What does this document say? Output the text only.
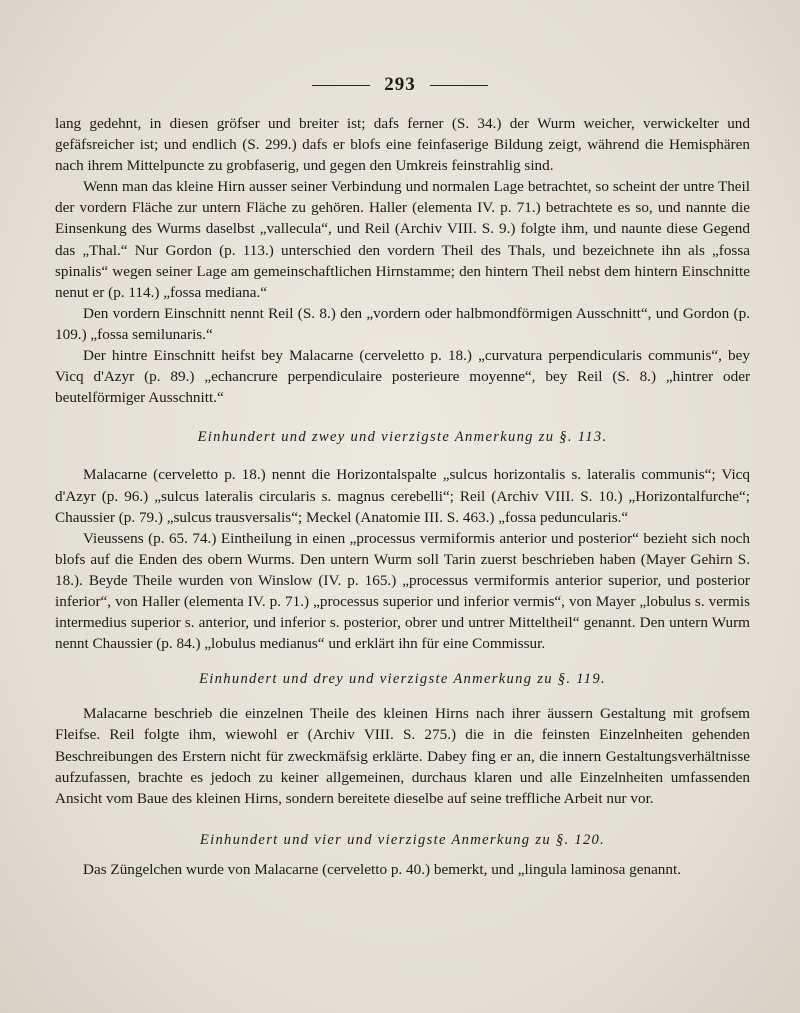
293

lang gedehnt, in diesen gröfser und breiter ist; dafs ferner (S. 34.) der Wurm weicher, verwickelter und gefäfsreicher ist; und endlich (S. 299.) dafs er blofs eine feinfaserige Bildung zeigt, während die Hemisphären nach ihrem Mittelpuncte zu grobfaserig, und gegen den Umkreis feinstrahlig sind.

Wenn man das kleine Hirn ausser seiner Verbindung und normalen Lage betrachtet, so scheint der untre Theil der vordern Fläche zur untern Fläche zu gehören. Haller (elementa IV. p. 71.) betrachtete es so, und nannte die Einsenkung des Wurms daselbst „vallecula“, und Reil (Archiv VIII. S. 9.) folgte ihm, und naunte diese Gegend das „Thal.“ Nur Gordon (p. 113.) unterschied den vordern Theil des Thals, und bezeichnete ihn als „fossa spinalis“ wegen seiner Lage am gemeinschaftlichen Hirnstamme; den hintern Theil nebst dem hintern Einschnitte nenut er (p. 114.) „fossa mediana.“

Den vordern Einschnitt nennt Reil (S. 8.) den „vordern oder halbmondförmigen Ausschnitt“, und Gordon (p. 109.) „fossa semilunaris.“

Der hintre Einschnitt heifst bey Malacarne (cerveletto p. 18.) „curvatura perpendicularis communis“, bey Vicq d'Azyr (p. 89.) „echancrure perpendiculaire posterieure moyenne“, bey Reil (S. 8.) „hintrer oder beutelförmiger Ausschnitt.“

Einhundert und zwey und vierzigste Anmerkung zu §. 113.

Malacarne (cerveletto p. 18.) nennt die Horizontalspalte „sulcus horizontalis s. lateralis communis“; Vicq d'Azyr (p. 96.) „sulcus lateralis circularis s. magnus cerebelli“; Reil (Archiv VIII. S. 10.) „Horizontalfurche“; Chaussier (p. 79.) „sulcus trausversalis“; Meckel (Anatomie III. S. 463.) „fossa peduncularis.“

Vieussens (p. 65. 74.) Eintheilung in einen „processus vermiformis anterior und posterior“ bezieht sich noch blofs auf die Enden des obern Wurms. Den untern Wurm soll Tarin zuerst beschrieben haben (Mayer Gehirn S. 18.). Beyde Theile wurden von Winslow (IV. p. 165.) „processus vermiformis anterior superior, und posterior inferior“, von Haller (elementa IV. p. 71.) „processus superior und inferior vermis“, von Mayer „lobulus s. vermis intermedius superior s. anterior, und inferior s. posterior, obrer und untrer Mitteltheil“ genannt. Den untern Wurm nennt Chaussier (p. 84.) „lobulus medianus“ und erklärt ihn für eine Commissur.

Einhundert und drey und vierzigste Anmerkung zu §. 119.

Malacarne beschrieb die einzelnen Theile des kleinen Hirns nach ihrer äussern Gestaltung mit grofsem Fleifse. Reil folgte ihm, wiewohl er (Archiv VIII. S. 275.) die in die feinsten Einzelnheiten gehenden Beschreibungen des Erstern nicht für zweckmäfsig erklärte. Dabey fing er an, die innern Gestaltungsverhältnisse aufzufassen, brachte es jedoch zu keiner allgemeinen, durchaus klaren und alle Einzelnheiten umfassenden Ansicht vom Baue des kleinen Hirns, sondern bereitete dieselbe auf seine treffliche Arbeit nur vor.

Einhundert und vier und vierzigste Anmerkung zu §. 120.

Das Züngelchen wurde von Malacarne (cerveletto p. 40.) bemerkt, und „lingula laminosa genannt.
